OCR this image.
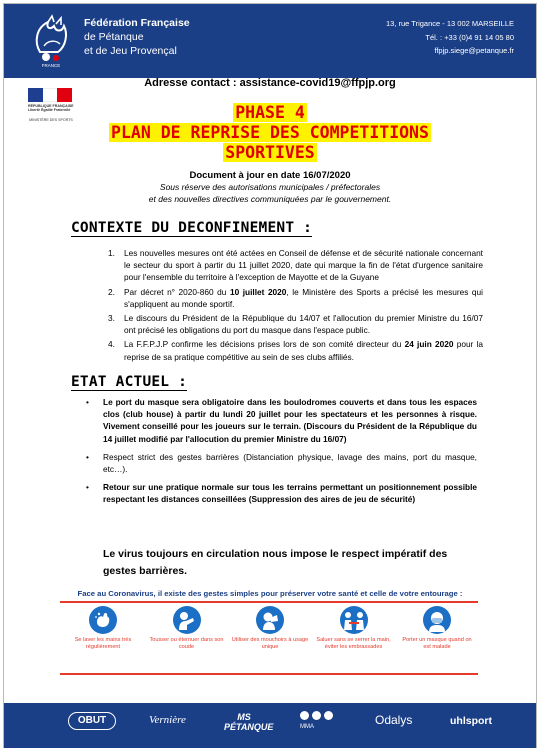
FRANCE
Fédération Française
de Pétanque
et de Jeu Provençal
13, rue Trigance - 13 002 MARSEILLE
Tél. : +33 (0)4 91 14 05 80
ffpjp.siege@petanque.fr
RÉPUBLIQUE FRANÇAISE Liberté Égalité Fraternité
MINISTÈRE DES SPORTS
Adresse contact : assistance-covid19@ffpjp.org
PHASE 4
PLAN DE REPRISE DES COMPETITIONS
SPORTIVES
Document à jour en date 16/07/2020
Sous réserve des autorisations municipales / préfectorales
et des nouvelles directives communiquées par le gouvernement.
CONTEXTE DU DECONFINEMENT :
1.	Les nouvelles mesures ont été actées en Conseil de défense et de sécurité nationale concernant le secteur du sport à partir du 11 juillet 2020, date qui marque la fin de l'état d'urgence sanitaire pour l'ensemble du territoire à l'exception de Mayotte et de la Guyane
2.	Par décret n° 2020-860 du 10 juillet 2020, le Ministère des Sports a précisé les mesures qui s'appliquent au monde sportif.
3.	Le discours du Président de la République du 14/07 et l'allocution du premier Ministre du 16/07 ont précisé les obligations du port du masque dans l'espace public.
4.	La F.F.P.J.P confirme les décisions prises lors de son comité directeur du 24 juin 2020 pour la reprise de sa pratique compétitive au sein de ses clubs affiliés.
ETAT ACTUEL :
•	Le port du masque sera obligatoire dans les boulodromes couverts et dans tous les espaces clos (club house) à partir du lundi 20 juillet pour les spectateurs et les personnes à risque. Vivement conseillé pour les joueurs sur le terrain. (Discours du Président de la République du 14 juillet modifié par l'allocution du premier Ministre du 16/07)
•	Respect strict des gestes barrières (Distanciation physique, lavage des mains, port du masque, etc…).
•	Retour sur une pratique normale sur tous les terrains permettant un positionnement possible respectant les distances conseillées (Suppression des aires de jeu de sécurité)
Le virus toujours en circulation nous impose le respect impératif des gestes barrières.
Face au Coronavirus, il existe des gestes simples pour préserver votre santé et celle de votre entourage :
Se laver les mains très régulièrement
Tousser ou éternuer dans son coude
Utiliser des mouchoirs à usage unique
Saluer sans se serrer la main, éviter les embrassades
Porter un masque quand on est malade
OBUT	Vernière	MS PÉTANQUE	MMA	Odalys	uhlsport
